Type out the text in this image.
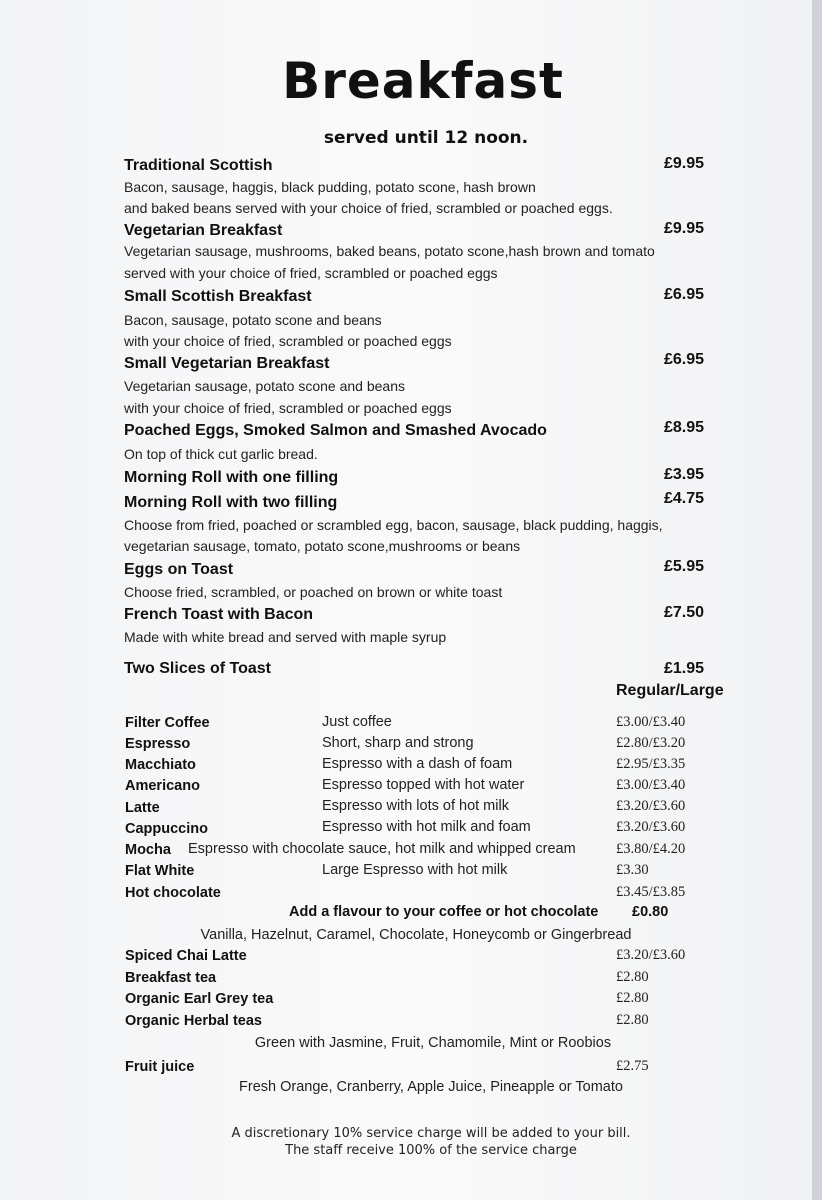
Breakfast
served until 12 noon.
Traditional Scottish	£9.95
Bacon, sausage, haggis, black pudding, potato scone, hash brown
and baked beans served with your choice of fried, scrambled or poached eggs.
Vegetarian Breakfast	£9.95
Vegetarian sausage, mushrooms, baked beans, potato scone,hash brown and tomato
served with your choice of fried, scrambled or poached eggs
Small Scottish Breakfast	£6.95
Bacon, sausage, potato scone and beans
with your choice of fried, scrambled or poached eggs
Small Vegetarian Breakfast	£6.95
Vegetarian sausage, potato scone and beans
with your choice of fried, scrambled or poached eggs
Poached Eggs, Smoked Salmon and Smashed Avocado	£8.95
On top of thick cut garlic bread.
Morning Roll with one filling	£3.95
Morning Roll with two filling	£4.75
Choose from fried, poached or scrambled egg, bacon, sausage, black pudding, haggis,
vegetarian sausage, tomato, potato scone,mushrooms or beans
Eggs on Toast	£5.95
Choose fried, scrambled, or poached on brown or white toast
French Toast with Bacon	£7.50
Made with white bread and served with maple syrup
Two Slices of Toast	£1.95
Regular/Large
Filter Coffee	Just coffee	£3.00/£3.40
Espresso	Short, sharp and strong	£2.80/£3.20
Macchiato	Espresso with a dash of foam	£2.95/£3.35
Americano	Espresso topped with hot water	£3.00/£3.40
Latte	Espresso with lots of hot milk	£3.20/£3.60
Cappuccino	Espresso with hot milk and foam	£3.20/£3.60
Mocha Espresso with chocolate sauce, hot milk and whipped cream	£3.80/£4.20
Flat White	Large Espresso with hot milk	£3.30
Hot chocolate	£3.45/£3.85
Add a flavour to your coffee or hot chocolate £0.80
Vanilla, Hazelnut, Caramel, Chocolate, Honeycomb or Gingerbread
Spiced Chai Latte	£3.20/£3.60
Breakfast tea	£2.80
Organic Earl Grey tea	£2.80
Organic Herbal teas	£2.80
Green with Jasmine, Fruit, Chamomile, Mint or Roobios
Fruit juice	£2.75
Fresh Orange, Cranberry, Apple Juice, Pineapple or Tomato
A discretionary 10% service charge will be added to your bill.
The staff receive 100% of the service charge
